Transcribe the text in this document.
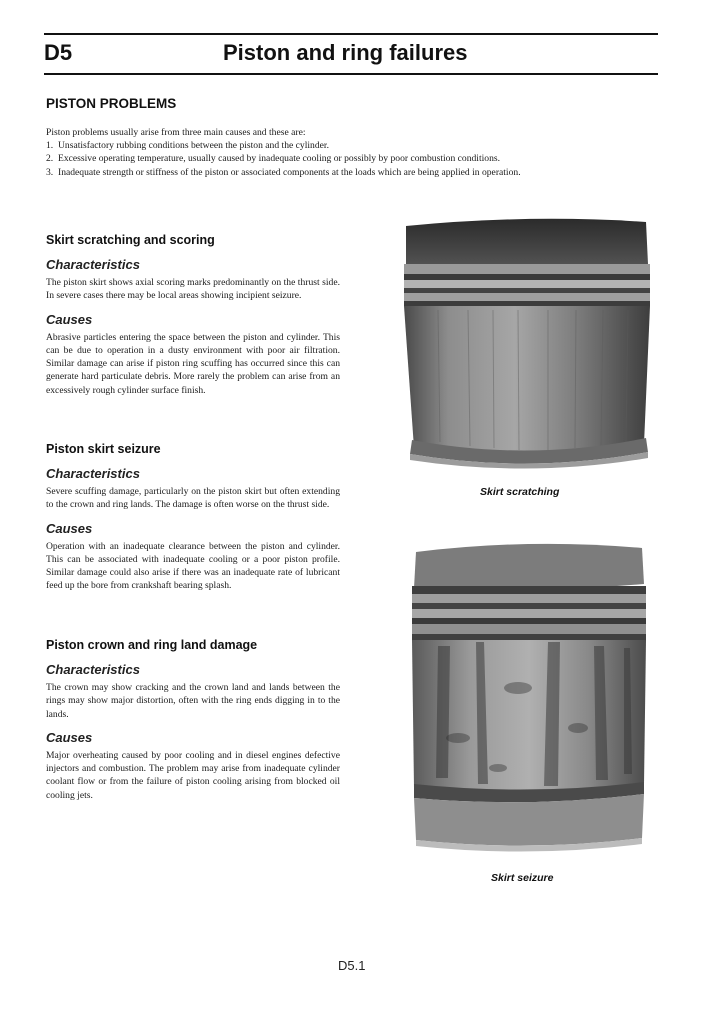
D5	Piston and ring failures
PISTON PROBLEMS

Piston problems usually arise from three main causes and these are:

1. Unsatisfactory rubbing conditions between the piston and the cylinder.
2. Excessive operating temperature, usually caused by inadequate cooling or possibly by poor combustion conditions.
3. Inadequate strength or stiffness of the piston or associated components at the loads which are being applied in operation.
Skirt scratching and scoring
Characteristics

The piston skirt shows axial scoring marks predominantly on the thrust side. In severe cases there may be local areas showing incipient seizure.

Causes

Abrasive particles entering the space between the piston and cylinder. This can be due to operation in a dusty environment with poor air filtration. Similar damage can arise if piston ring scuffing has occurred since this can generate hard particulate debris. More rarely the problem can arise from an excessively rough cylinder surface finish.

Piston skirt seizure
Characteristics

Severe scuffing damage, particularly on the piston skirt but often extending to the crown and ring lands. The damage is often worse on the thrust side.

Causes

Operation with an inadequate clearance between the piston and cylinder. This can be associated with inadequate cooling or a poor piston profile. Similar damage could also arise if there was an inadequate rate of lubricant feed up the bore from crankshaft bearing splash.

Piston crown and ring land damage
Characteristics

The crown may show cracking and the crown land and lands between the rings may show major distortion, often with the ring ends digging in to the lands.

Causes

Major overheating caused by poor cooling and in diesel engines defective injectors and combustion. The problem may arise from inadequate cylinder coolant flow or from the failure of piston cooling arising from blocked oil cooling jets.

Skirt scratching
Skirt seizure
D5.1
